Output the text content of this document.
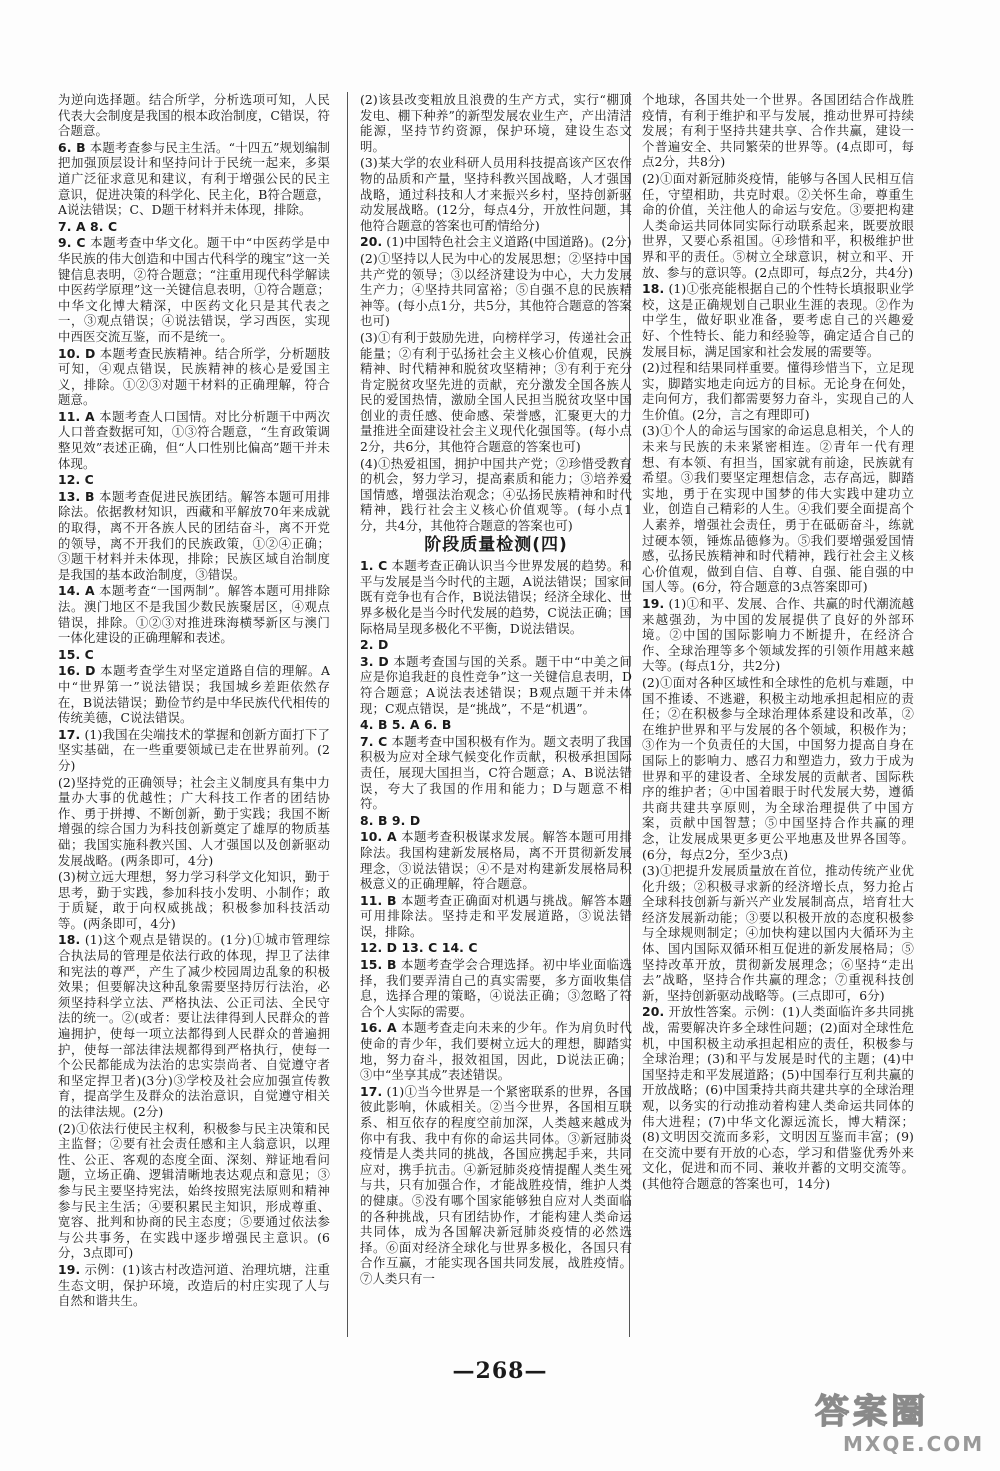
为逆向选择题。结合所学，分析选项可知，人民代表大会制度是我国的根本政治制度，C错误，符合题意。

6. B 本题考查参与民主生活。“十四五”规划编制把加强顶层设计和坚持问计于民统一起来，多渠道广泛征求意见和建议，有利于增强公民的民主意识，促进决策的科学化、民主化，B符合题意，A说法错误；C、D题干材料并未体现，排除。

7. A 8. C

9. C 本题考查中华文化。题干中“中医药学是中华民族的伟大创造和中国古代科学的瑰宝”这一关键信息表明，②符合题意；“注重用现代科学解读中医药学原理”这一关键信息表明，①符合题意；中华文化博大精深，中医药文化只是其代表之一，③观点错误；④说法错误，学习西医，实现中西医交流互鉴，而不是统一。

10. D 本题考查民族精神。结合所学，分析题肢可知，④观点错误，民族精神的核心是爱国主义，排除。①②③对题干材料的正确理解，符合题意。

11. A 本题考查人口国情。对比分析题干中两次人口普查数据可知，①③符合题意，“生育政策调整见效”表述正确，但“人口性别比偏高”题干并未体现。

12. C

13. B 本题考查促进民族团结。解答本题可用排除法。依据教材知识，西藏和平解放70年来成就的取得，离不开各族人民的团结奋斗，离不开党的领导，离不开我们的民族政策，①②④正确；③题干材料并未体现，排除；民族区域自治制度是我国的基本政治制度，③错误。

14. A 本题考查“一国两制”。解答本题可用排除法。澳门地区不是我国少数民族聚居区，④观点错误，排除。①②③对推进珠海横琴新区与澳门一体化建设的正确理解和表述。

15. C

16. D 本题考查学生对坚定道路自信的理解。A中“世界第一”说法错误；我国城乡差距依然存在，B说法错误；勤俭节约是中华民族代代相传的传统美德，C说法错误。

17. (1)我国在尖端技术的掌握和创新方面打下了坚实基础，在一些重要领域已走在世界前列。(2分)

(2)坚持党的正确领导；社会主义制度具有集中力量办大事的优越性；广大科技工作者的团结协作、勇于拼搏、不断创新，勤于实践；我国不断增强的综合国力为科技创新奠定了雄厚的物质基础；我国实施科教兴国、人才强国以及创新驱动发展战略。(两条即可，4分)

(3)树立远大理想，努力学习科学文化知识，勤于思考，勤于实践，参加科技小发明、小制作；敢于质疑，敢于向权威挑战；积极参加科技活动等。(两条即可，4分)

18. (1)这个观点是错误的。(1分)①城市管理综合执法局的管理是依法行政的体现，捍卫了法律和宪法的尊严，产生了减少校园周边乱象的积极效果；但要解决这种乱象需要坚持厉行法治，必须坚持科学立法、严格执法、公正司法、全民守法的统一。②(或者：要让法律得到人民群众的普遍拥护，使每一项立法都得到人民群众的普遍拥护，使每一部法律法规都得到严格执行，使每一个公民都能成为法治的忠实崇尚者、自觉遵守者和坚定捍卫者)(3分)③学校及社会应加强宣传教育，提高学生及群众的法治意识，自觉遵守相关的法律法规。(2分)

(2)①依法行使民主权利，积极参与民主决策和民主监督；②要有社会责任感和主人翁意识，以理性、公正、客观的态度全面、深刻、辩证地看问题，立场正确、逻辑清晰地表达观点和意见；③参与民主要坚持宪法，始终按照宪法原则和精神参与民主生活；④要积累民主知识，形成尊重、宽容、批判和协商的民主态度；⑤要通过依法参与公共事务，在实践中逐步增强民主意识。(6分，3点即可)

19. 示例：(1)该古村改造河道、治理坑塘，注重生态文明，保护环境，改造后的村庄实现了人与自然和谐共生。

(2)该县改变粗放且浪费的生产方式，实行“棚顶发电、棚下种养”的新型发展农业生产，产出清洁能源，坚持节约资源，保护环境，建设生态文明。

(3)某大学的农业科研人员用科技提高该产区农作物的品质和产量，坚持科教兴国战略，人才强国战略，通过科技和人才来振兴乡村，坚持创新驱动发展战略。(12分，每点4分，开放性问题，其他符合题意的答案也可酌情给分)

20. (1)中国特色社会主义道路(中国道路)。(2分)

(2)①坚持以人民为中心的发展思想；②坚持中国共产党的领导；③以经济建设为中心，大力发展生产力；④坚持共同富裕；⑤自强不息的民族精神等。(每小点1分，共5分，其他符合题意的答案也可)

(3)①有利于鼓励先进，向榜样学习，传递社会正能量；②有利于弘扬社会主义核心价值观，民族精神、时代精神和脱贫攻坚精神；③有利于充分肯定脱贫攻坚先进的贡献，充分激发全国各族人民的爱国热情，激励全国人民担当脱贫攻坚中国创业的责任感、使命感、荣誉感，汇聚更大的力量推进全面建设社会主义现代化强国等。(每小点2分，共6分，其他符合题意的答案也可)

(4)①热爱祖国，拥护中国共产党；②珍惜受教育的机会，努力学习，提高素质和能力；③培养爱国情感，增强法治观念；④弘扬民族精神和时代精神，践行社会主义核心价值观等。(每小点1分，共4分，其他符合题意的答案也可)

阶段质量检测(四)

1. C 本题考查正确认识当今世界发展的趋势。和平与发展是当今时代的主题，A说法错误；国家间既有竞争也有合作，B说法错误；经济全球化、世界多极化是当今时代发展的趋势，C说法正确；国际格局呈现多极化不平衡，D说法错误。

2. D

3. D 本题考查国与国的关系。题干中“中美之间应是你追我赶的良性竞争”这一关键信息表明，D符合题意；A说法表述错误；B观点题干并未体现；C观点错误，是“挑战”，不是“机遇”。

4. B 5. A 6. B

7. C 本题考查中国积极有作为。题文表明了我国积极为应对全球气候变化作贡献，积极承担国际责任，展现大国担当，C符合题意；A、B说法错误，夸大了我国的作用和能力；D与题意不相符。

8. B 9. D

10. A 本题考查积极谋求发展。解答本题可用排除法。我国构建新发展格局，离不开贯彻新发展理念，③说法错误；④不是对构建新发展格局积极意义的正确理解，符合题意。

11. B 本题考查正确面对机遇与挑战。解答本题可用排除法。坚持走和平发展道路，③说法错误，排除。

12. D 13. C 14. C

15. B 本题考查学会合理选择。初中毕业面临选择，我们要弄清自己的真实需要，多方面收集信息，选择合理的策略，④说法正确；③忽略了符合个人实际的需要。

16. A 本题考查走向未来的少年。作为肩负时代使命的青少年，我们要树立远大的理想，脚踏实地，努力奋斗，报效祖国，因此，D说法正确；③中“坐享其成”表述错误。

17. (1)①当今世界是一个紧密联系的世界，各国彼此影响，休戚相关。②当今世界，各国相互联系、相互依存的程度空前加深，人类越来越成为你中有我、我中有你的命运共同体。③新冠肺炎疫情是人类共同的挑战，各国应携起手来，共同应对，携手抗击。④新冠肺炎疫情提醒人类生死与共，只有加强合作，才能战胜疫情，维护人类的健康。⑤没有哪个国家能够独自应对人类面临的各种挑战，只有团结协作，才能构建人类命运共同体，成为各国解决新冠肺炎疫情的必然选择。⑥面对经济全球化与世界多极化，各国只有合作互赢，才能实现各国共同发展，战胜疫情。⑦人类只有一

个地球，各国共处一个世界。各国团结合作战胜疫情，有利于维护和平与发展，推动世界可持续发展；有利于坚持共建共享、合作共赢，建设一个普遍安全、共同繁荣的世界等。(4点即可，每点2分，共8分)

(2)①面对新冠肺炎疫情，能够与各国人民相互信任，守望相助，共克时艰。②关怀生命，尊重生命的价值，关注他人的命运与安危。③要把构建人类命运共同体同实际行动联系起来，既要放眼世界，又要心系祖国。④珍惜和平，积极维护世界和平的责任。⑤树立全球意识，树立和平、开放、参与的意识等。(2点即可，每点2分，共4分)

18. (1)①张亮能根据自己的个性特长填报职业学校，这是正确规划自己职业生涯的表现。②作为中学生，做好职业准备，要考虑自己的兴趣爱好、个性特长、能力和经验等，确定适合自己的发展目标，满足国家和社会发展的需要等。

(2)过程和结果同样重要。懂得珍惜当下，立足现实，脚踏实地走向远方的目标。无论身在何处，走向何方，我们都需要努力奋斗，实现自己的人生价值。(2分，言之有理即可)

(3)①个人的命运与国家的命运息息相关，个人的未来与民族的未来紧密相连。②青年一代有理想、有本领、有担当，国家就有前途，民族就有希望。③我们要坚定理想信念，志存高远，脚踏实地，勇于在实现中国梦的伟大实践中建功立业，创造自己精彩的人生。④我们要全面提高个人素养，增强社会责任，勇于在砥砺奋斗，练就过硬本领，锤炼品德修为。⑤我们要增强爱国情感，弘扬民族精神和时代精神，践行社会主义核心价值观，做到自信、自尊、自强、能自强的中国人等。(6分，符合题意的3点答案即可)

19. (1)①和平、发展、合作、共赢的时代潮流越来越强劲，为中国的发展提供了良好的外部环境。②中国的国际影响力不断提升，在经济合作、全球治理等多个领域发挥的引领作用越来越大等。(每点1分，共2分)

(2)①面对各种区域性和全球性的危机与难题，中国不推诿、不逃避，积极主动地承担起相应的责任；②在积极参与全球治理体系建设和改革，②在维护世界和平与发展的各个领域，积极作为；③作为一个负责任的大国，中国努力提高自身在国际上的影响力、感召力和塑造力，致力于成为世界和平的建设者、全球发展的贡献者、国际秩序的维护者；④中国着眼于时代发展大势，遵循共商共建共享原则，为全球治理提供了中国方案，贡献中国智慧；⑤中国坚持合作共赢的理念，让发展成果更多更公平地惠及世界各国等。(6分，每点2分，至少3点)

(3)①把提升发展质量放在首位，推动传统产业优化升级；②积极寻求新的经济增长点，努力抢占全球科技创新与新兴产业发展制高点，培育壮大经济发展新动能；③要以积极开放的态度积极参与全球规则制定；④加快构建以国内大循环为主体、国内国际双循环相互促进的新发展格局；⑤坚持改革开放，贯彻新发展理念；⑥坚持“走出去”战略，坚持合作共赢的理念；⑦重视科技创新，坚持创新驱动战略等。(三点即可，6分)

20. 开放性答案。示例：(1)人类面临许多共同挑战，需要解决许多全球性问题；(2)面对全球性危机，中国积极主动承担起相应的责任，积极参与全球治理；(3)和平与发展是时代的主题；(4)中国坚持走和平发展道路；(5)中国奉行互利共赢的开放战略；(6)中国秉持共商共建共享的全球治理观，以务实的行动推动着构建人类命运共同体的伟大进程；(7)中华文化源远流长，博大精深；(8)文明因交流而多彩，文明因互鉴而丰富；(9)在交流中要有开放的心态，学习和借鉴优秀外来文化，促进和而不同、兼收并蓄的文明交流等。(其他符合题意的答案也可，14分)

—268—
答案圈
MXQE.COM
